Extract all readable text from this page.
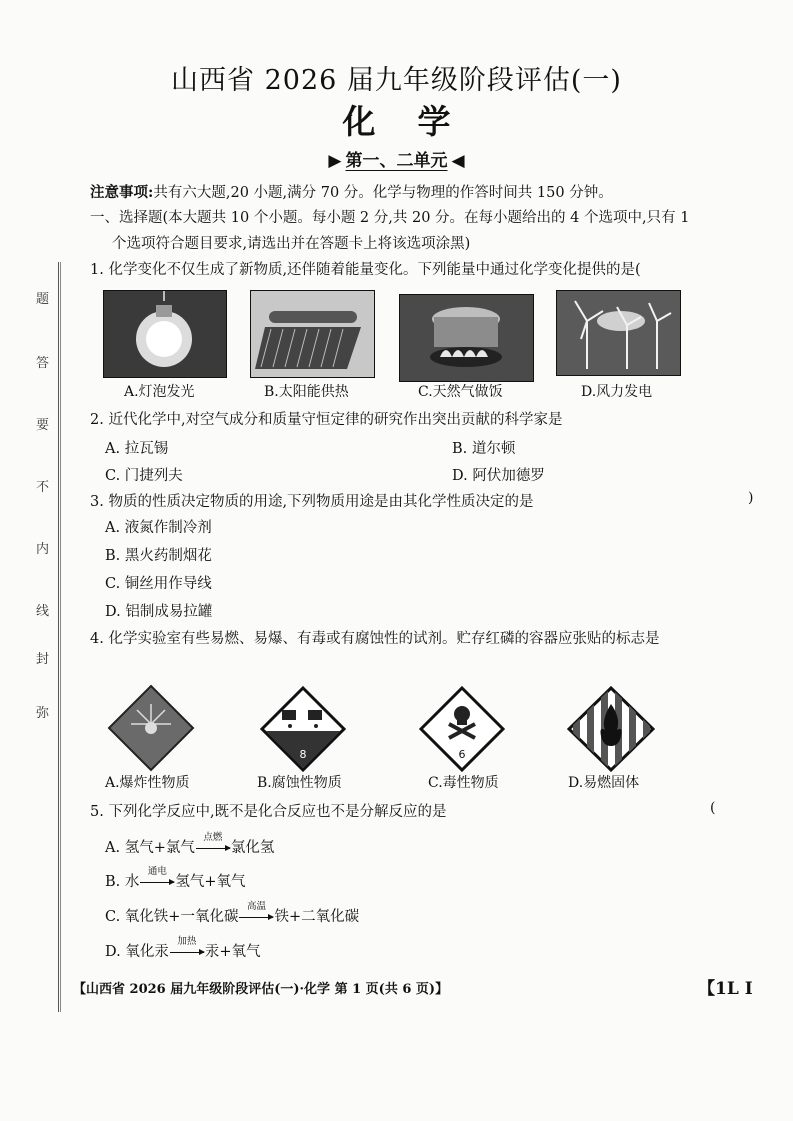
题
答
要
不
内
线
封
弥
山西省 2026 届九年级阶段评估(一)
化学
▶ 第一、二单元 ◀
注意事项:共有六大题,20 小题,满分 70 分。化学与物理的作答时间共 150 分钟。
一、选择题(本大题共 10 个小题。每小题 2 分,共 20 分。在每小题给出的 4 个选项中,只有 1
个选项符合题目要求,请选出并在答题卡上将该选项涂黑)
1. 化学变化不仅生成了新物质,还伴随着能量变化。下列能量中通过化学变化提供的是(
A.灯泡发光	B.太阳能供热	C.天然气做饭	D.风力发电
2. 近代化学中,对空气成分和质量守恒定律的研究作出突出贡献的科学家是
A. 拉瓦锡	B. 道尔顿
C. 门捷列夫	D. 阿伏加德罗
3. 物质的性质决定物质的用途,下列物质用途是由其化学性质决定的是	)
A. 液氮作制冷剂
B. 黑火药制烟花
C. 铜丝用作导线
D. 铝制成易拉罐
4. 化学实验室有些易燃、易爆、有毒或有腐蚀性的试剂。贮存红磷的容器应张贴的标志是
8	6
A.爆炸性物质	B.腐蚀性物质	C.毒性物质	D.易燃固体
5. 下列化学反应中,既不是化合反应也不是分解反应的是	(
A. 氢气+氯气
点燃
氯化氢
B. 水
通电
氢气+氧气
C. 氧化铁+一氧化碳
高温
铁+二氧化碳
D. 氧化汞
加热
汞+氧气
【山西省 2026 届九年级阶段评估(一)·化学 第 1 页(共 6 页)】	【1L I
